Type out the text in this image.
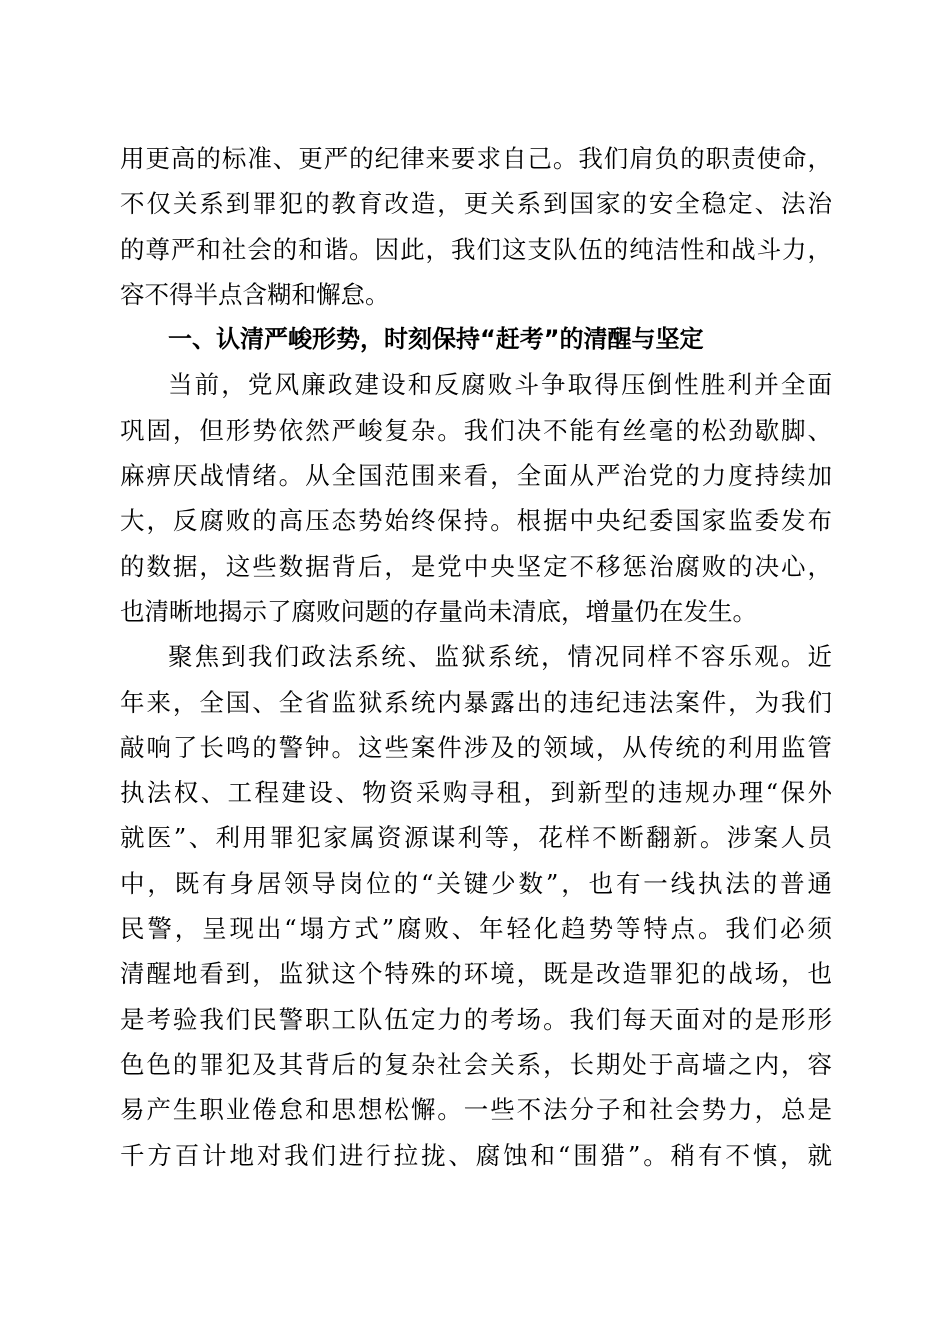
用更高的标准、更严的纪律来要求自己。我们肩负的职责使命，
不仅关系到罪犯的教育改造，更关系到国家的安全稳定、法治
的尊严和社会的和谐。因此，我们这支队伍的纯洁性和战斗力，
容不得半点含糊和懈怠。
一、认清严峻形势，时刻保持“赶考”的清醒与坚定
当前，党风廉政建设和反腐败斗争取得压倒性胜利并全面
巩固，但形势依然严峻复杂。我们决不能有丝毫的松劲歇脚、
麻痹厌战情绪。从全国范围来看，全面从严治党的力度持续加
大，反腐败的高压态势始终保持。根据中央纪委国家监委发布
的数据，这些数据背后，是党中央坚定不移惩治腐败的决心，
也清晰地揭示了腐败问题的存量尚未清底，增量仍在发生。
聚焦到我们政法系统、监狱系统，情况同样不容乐观。近
年来，全国、全省监狱系统内暴露出的违纪违法案件，为我们
敲响了长鸣的警钟。这些案件涉及的领域，从传统的利用监管
执法权、工程建设、物资采购寻租，到新型的违规办理“保外
就医”、利用罪犯家属资源谋利等，花样不断翻新。涉案人员
中，既有身居领导岗位的“关键少数”，也有一线执法的普通
民警，呈现出“塌方式”腐败、年轻化趋势等特点。我们必须
清醒地看到，监狱这个特殊的环境，既是改造罪犯的战场，也
是考验我们民警职工队伍定力的考场。我们每天面对的是形形
色色的罪犯及其背后的复杂社会关系，长期处于高墙之内，容
易产生职业倦怠和思想松懈。一些不法分子和社会势力，总是
千方百计地对我们进行拉拢、腐蚀和“围猎”。稍有不慎，就
